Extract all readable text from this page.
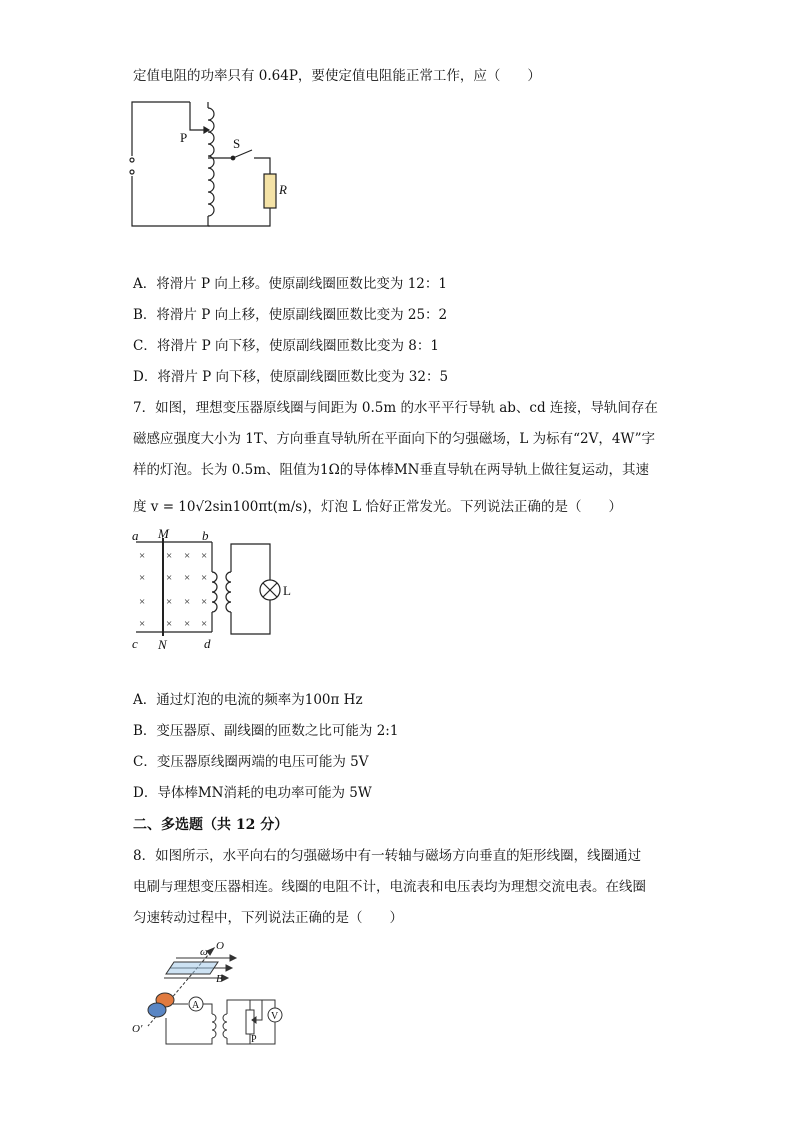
定值电阻的功率只有 0.64P，要使定值电阻能正常工作，应（　　）
P	S
R
A．将滑片 P 向上移。使原副线圈匝数比变为 12：1
B．将滑片 P 向上移，使原副线圈匝数比变为 25：2
C．将滑片 P 向下移，使原副线圈匝数比变为 8：1
D．将滑片 P 向下移，使原副线圈匝数比变为 32：5
7．如图，理想变压器原线圈与间距为 0.5m 的水平平行导轨 ab、cd 连接，导轨间存在
磁感应强度大小为 1T、方向垂直导轨所在平面向下的匀强磁场，L 为标有“2V，4W”字
样的灯泡。长为 0.5m、阻值为1Ω的导体棒MN垂直导轨在两导轨上做往复运动，其速
度 v = 10√2sin100πt(m/s)，灯泡 L 恰好正常发光。下列说法正确的是（　　）
×
×
×
×
×
×
×
×
×
×
×
×
×
×
×
×
a	b
c	d
M
N
L
A．通过灯泡的电流的频率为100π Hz
B．变压器原、副线圈的匝数之比可能为 2:1
C．变压器原线圈两端的电压可能为 5V
D．导体棒MN消耗的电功率可能为 5W
二、多选题（共 12 分）
8．如图所示，水平向右的匀强磁场中有一转轴与磁场方向垂直的矩形线圈，线圈通过
电刷与理想变压器相连。线圈的电阻不计，电流表和电压表均为理想交流电表。在线圈
匀速转动过程中，下列说法正确的是（　　）
O
O′
ω
B
A
V
P
